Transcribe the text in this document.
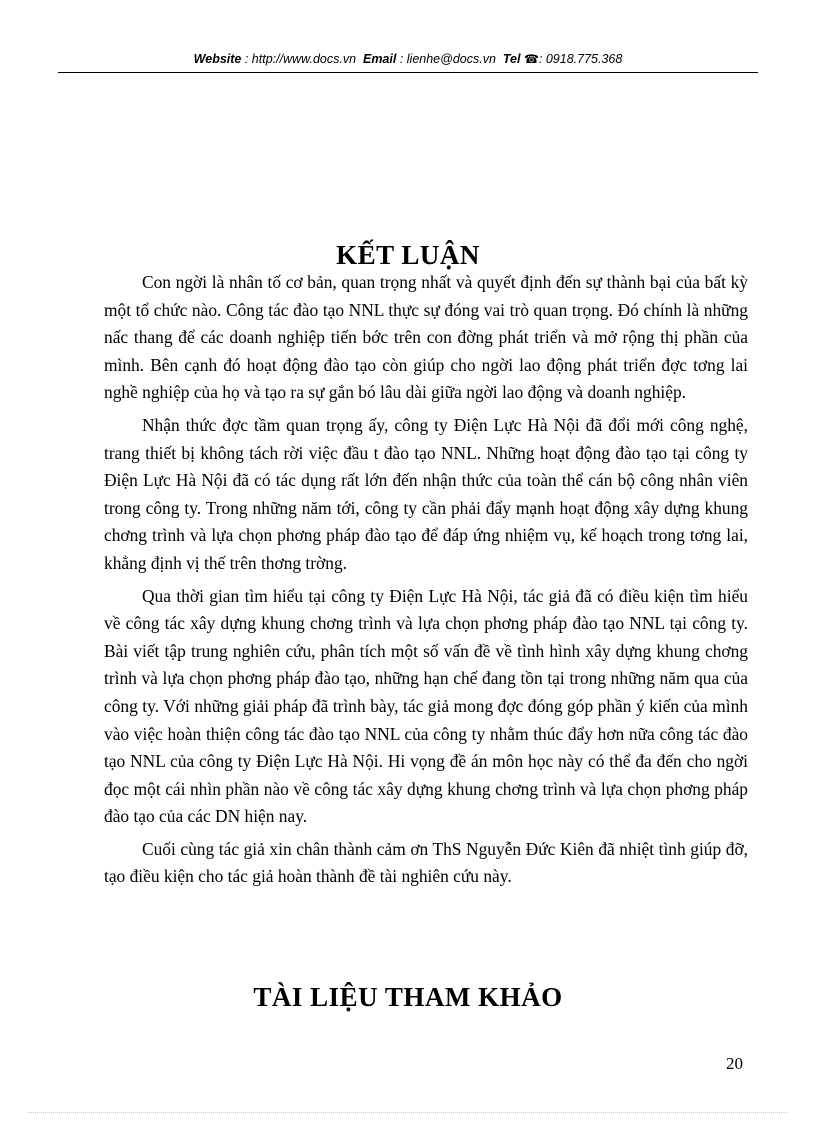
Website : http://www.docs.vn Email : lienhe@docs.vn Tel ☎: 0918.775.368
KẾT LUẬN

Con ngời là nhân tố cơ bản, quan trọng nhất và quyết định đến sự thành bại của bất kỳ một tổ chức nào. Công tác đào tạo NNL thực sự đóng vai trò quan trọng. Đó chính là những nấc thang để các doanh nghiệp tiến bớc trên con đờng phát triển và mở rộng thị phần của mình. Bên cạnh đó hoạt động đào tạo còn giúp cho ngời lao động phát triển đợc tơng lai nghề nghiệp của họ và tạo ra sự gắn bó lâu dài giữa ngời lao động và doanh nghiệp.

Nhận thức đợc tầm quan trọng ấy, công ty Điện Lực Hà Nội đã đổi mới công nghệ, trang thiết bị không tách rời việc đầu t đào tạo NNL. Những hoạt động đào tạo tại công ty Điện Lực Hà Nội đã có tác dụng rất lớn đến nhận thức của toàn thể cán bộ công nhân viên trong công ty. Trong những năm tới, công ty cần phải đẩy mạnh hoạt động xây dựng khung chơng trình và lựa chọn phơng pháp đào tạo để đáp ứng nhiệm vụ, kế hoạch trong tơng lai, khẳng định vị thế trên thơng trờng.

Qua thời gian tìm hiểu tại công ty Điện Lực Hà Nội, tác giả đã có điều kiện tìm hiểu về công tác xây dựng khung chơng trình và lựa chọn phơng pháp đào tạo NNL tại công ty. Bài viết tập trung nghiên cứu, phân tích một số vấn đề về tình hình xây dựng khung chơng trình và lựa chọn phơng pháp đào tạo, những hạn chế đang tồn tại trong những năm qua của công ty. Với những giải pháp đã trình bày, tác giả mong đợc đóng góp phần ý kiến của mình vào việc hoàn thiện công tác đào tạo NNL của công ty nhằm thúc đẩy hơn nữa công tác đào tạo NNL của công ty Điện Lực Hà Nội. Hi vọng đề án môn học này có thể đa đến cho ngời đọc một cái nhìn phần nào về công tác xây dựng khung chơng trình và lựa chọn phơng pháp đào tạo của các DN hiện nay.

Cuối cùng tác giả xin chân thành cảm ơn ThS Nguyễn Đức Kiên đã nhiệt tình giúp đỡ, tạo điều kiện cho tác giả hoàn thành đề tài nghiên cứu này.

TÀI LIỆU THAM KHẢO
20
